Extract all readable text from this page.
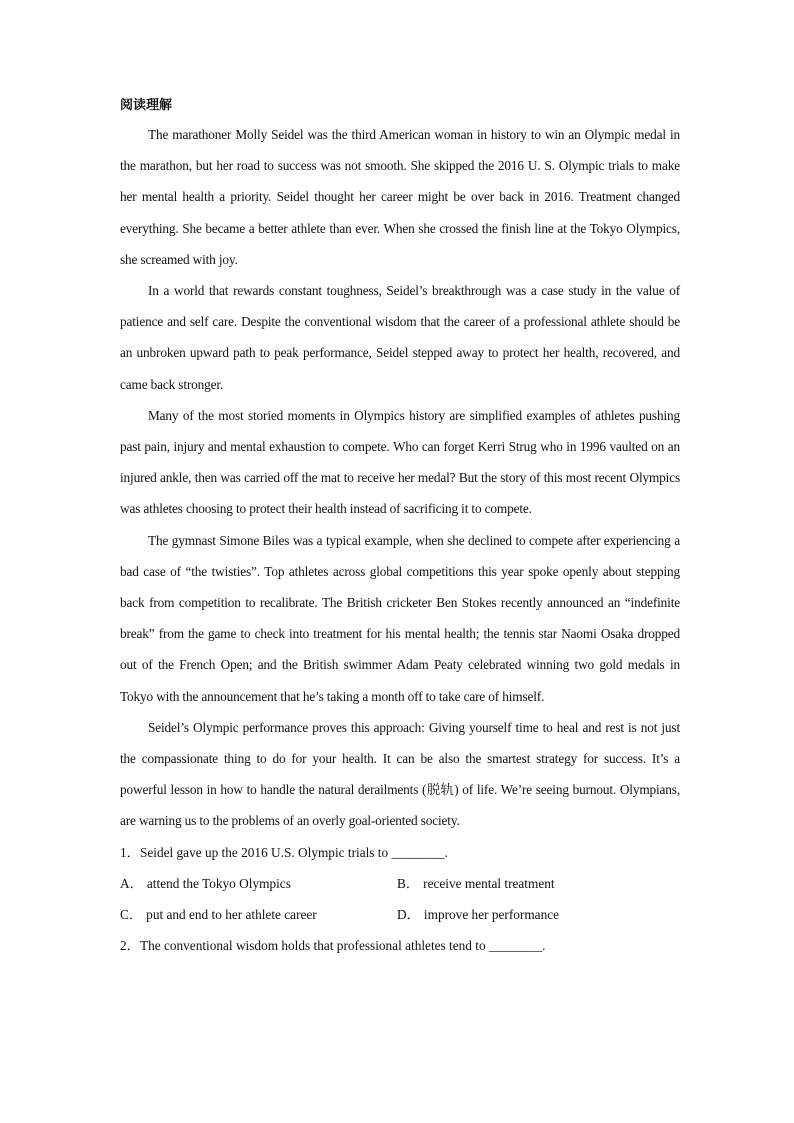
阅读理解

The marathoner Molly Seidel was the third American woman in history to win an Olympic medal in the marathon, but her road to success was not smooth. She skipped the 2016 U. S. Olympic trials to make her mental health a priority. Seidel thought her career might be over back in 2016. Treatment changed everything. She became a better athlete than ever. When she crossed the finish line at the Tokyo Olympics, she screamed with joy.

In a world that rewards constant toughness, Seidel’s breakthrough was a case study in the value of patience and self care. Despite the conventional wisdom that the career of a professional athlete should be an unbroken upward path to peak performance, Seidel stepped away to protect her health, recovered, and came back stronger.

Many of the most storied moments in Olympics history are simplified examples of athletes pushing past pain, injury and mental exhaustion to compete. Who can forget Kerri Strug who in 1996 vaulted on an injured ankle, then was carried off the mat to receive her medal? But the story of this most recent Olympics was athletes choosing to protect their health instead of sacrificing it to compete.

The gymnast Simone Biles was a typical example, when she declined to compete after experiencing a bad case of “the twisties”. Top athletes across global competitions this year spoke openly about stepping back from competition to recalibrate. The British cricketer Ben Stokes recently announced an “indefinite break” from the game to check into treatment for his mental health; the tennis star Naomi Osaka dropped out of the French Open; and the British swimmer Adam Peaty celebrated winning two gold medals in Tokyo with the announcement that he’s taking a month off to take care of himself.

Seidel’s Olympic performance proves this approach: Giving yourself time to heal and rest is not just the compassionate thing to do for your health. It can be also the smartest strategy for success. It’s a powerful lesson in how to handle the natural derailments (脱轨) of life. We’re seeing burnout. Olympians, are warning us to the problems of an overly goal-oriented society.

1．Seidel gave up the 2016 U.S. Olympic trials to ________.

A． attend the Tokyo Olympics	B． receive mental treatment
C． put and end to her athlete career	D． improve her performance

2．The conventional wisdom holds that professional athletes tend to ________.
